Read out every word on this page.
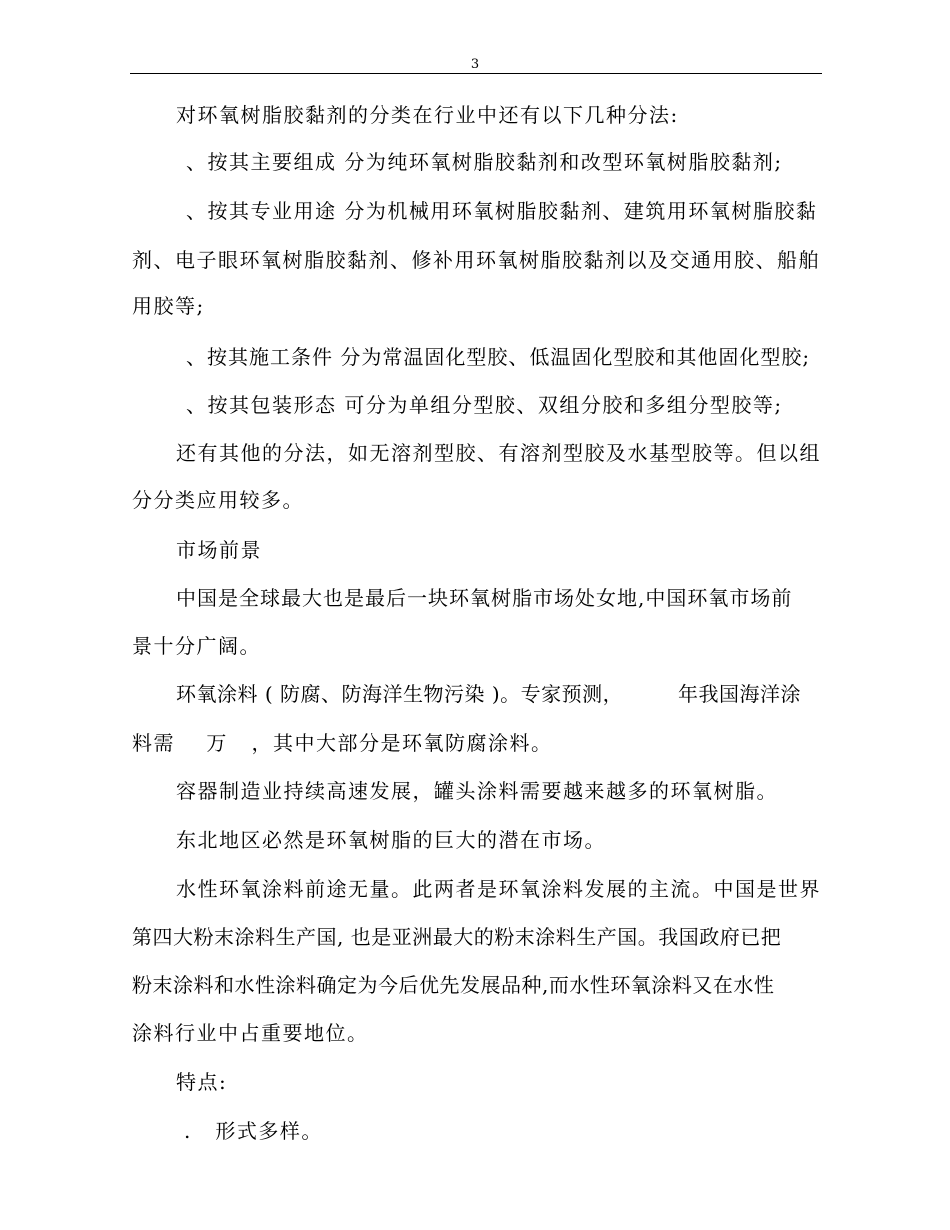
3
对环氧树脂胶黏剂的分类在行业中还有以下几种分法:
、按其主要组成 分为纯环氧树脂胶黏剂和改型环氧树脂胶黏剂;
、按其专业用途 分为机械用环氧树脂胶黏剂、建筑用环氧树脂胶黏
剂、电子眼环氧树脂胶黏剂、修补用环氧树脂胶黏剂以及交通用胶、船舶
用胶等;
、按其施工条件 分为常温固化型胶、低温固化型胶和其他固化型胶;
、按其包装形态 可分为单组分型胶、双组分胶和多组分型胶等;
还有其他的分法，如无溶剂型胶、有溶剂型胶及水基型胶等。但以组
分分类应用较多。
市场前景
中国是全球最大也是最后一块环氧树脂市场处女地,中国环氧市场前
景十分广阔。
环氧涂料 ( 防腐、防海洋生物污染 )。专家预测，        年我国海洋涂
料需    万   ，其中大部分是环氧防腐涂料。
容器制造业持续高速发展，罐头涂料需要越来越多的环氧树脂。
东北地区必然是环氧树脂的巨大的潜在市场。
水性环氧涂料前途无量。此两者是环氧涂料发展的主流。中国是世界
第四大粉末涂料生产国, 也是亚洲最大的粉末涂料生产国。我国政府已把
粉末涂料和水性涂料确定为今后优先发展品种,而水性环氧涂料又在水性
涂料行业中占重要地位。
特点:
.   形式多样。
